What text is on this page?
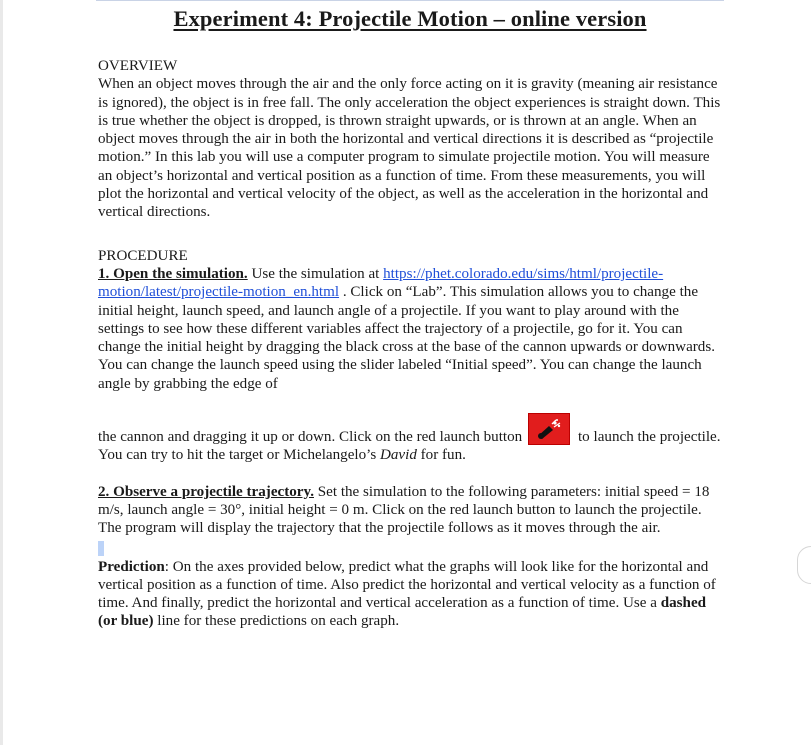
Experiment 4: Projectile Motion – online version
OVERVIEW

When an object moves through the air and the only force acting on it is gravity (meaning air resistance is ignored), the object is in free fall. The only acceleration the object experiences is straight down. This is true whether the object is dropped, is thrown straight upwards, or is thrown at an angle. When an object moves through the air in both the horizontal and vertical directions it is described as “projectile motion.” In this lab you will use a computer program to simulate projectile motion. You will measure an object’s horizontal and vertical position as a function of time. From these measurements, you will plot the horizontal and vertical velocity of the object, as well as the acceleration in the horizontal and vertical directions.

PROCEDURE

1. Open the simulation. Use the simulation at https://phet.colorado.edu/sims/html/projectile-motion/latest/projectile-motion_en.html . Click on “Lab”. This simulation allows you to change the initial height, launch speed, and launch angle of a projectile. If you want to play around with the settings to see how these different variables affect the trajectory of a projectile, go for it. You can change the initial height by dragging the black cross at the base of the cannon upwards or downwards. You can change the launch speed using the slider labeled “Initial speed”. You can change the launch angle by grabbing the edge of

the cannon and dragging it up or down. Click on the red launch button	to launch the projectile. You can try to hit the target or Michelangelo’s David for fun.

2. Observe a projectile trajectory. Set the simulation to the following parameters: initial speed = 18 m/s, launch angle = 30°, initial height = 0 m. Click on the red launch button to launch the projectile. The program will display the trajectory that the projectile follows as it moves through the air.

Prediction: On the axes provided below, predict what the graphs will look like for the horizontal and vertical position as a function of time. Also predict the horizontal and vertical velocity as a function of time. And finally, predict the horizontal and vertical acceleration as a function of time. Use a dashed (or blue) line for these predictions on each graph.
